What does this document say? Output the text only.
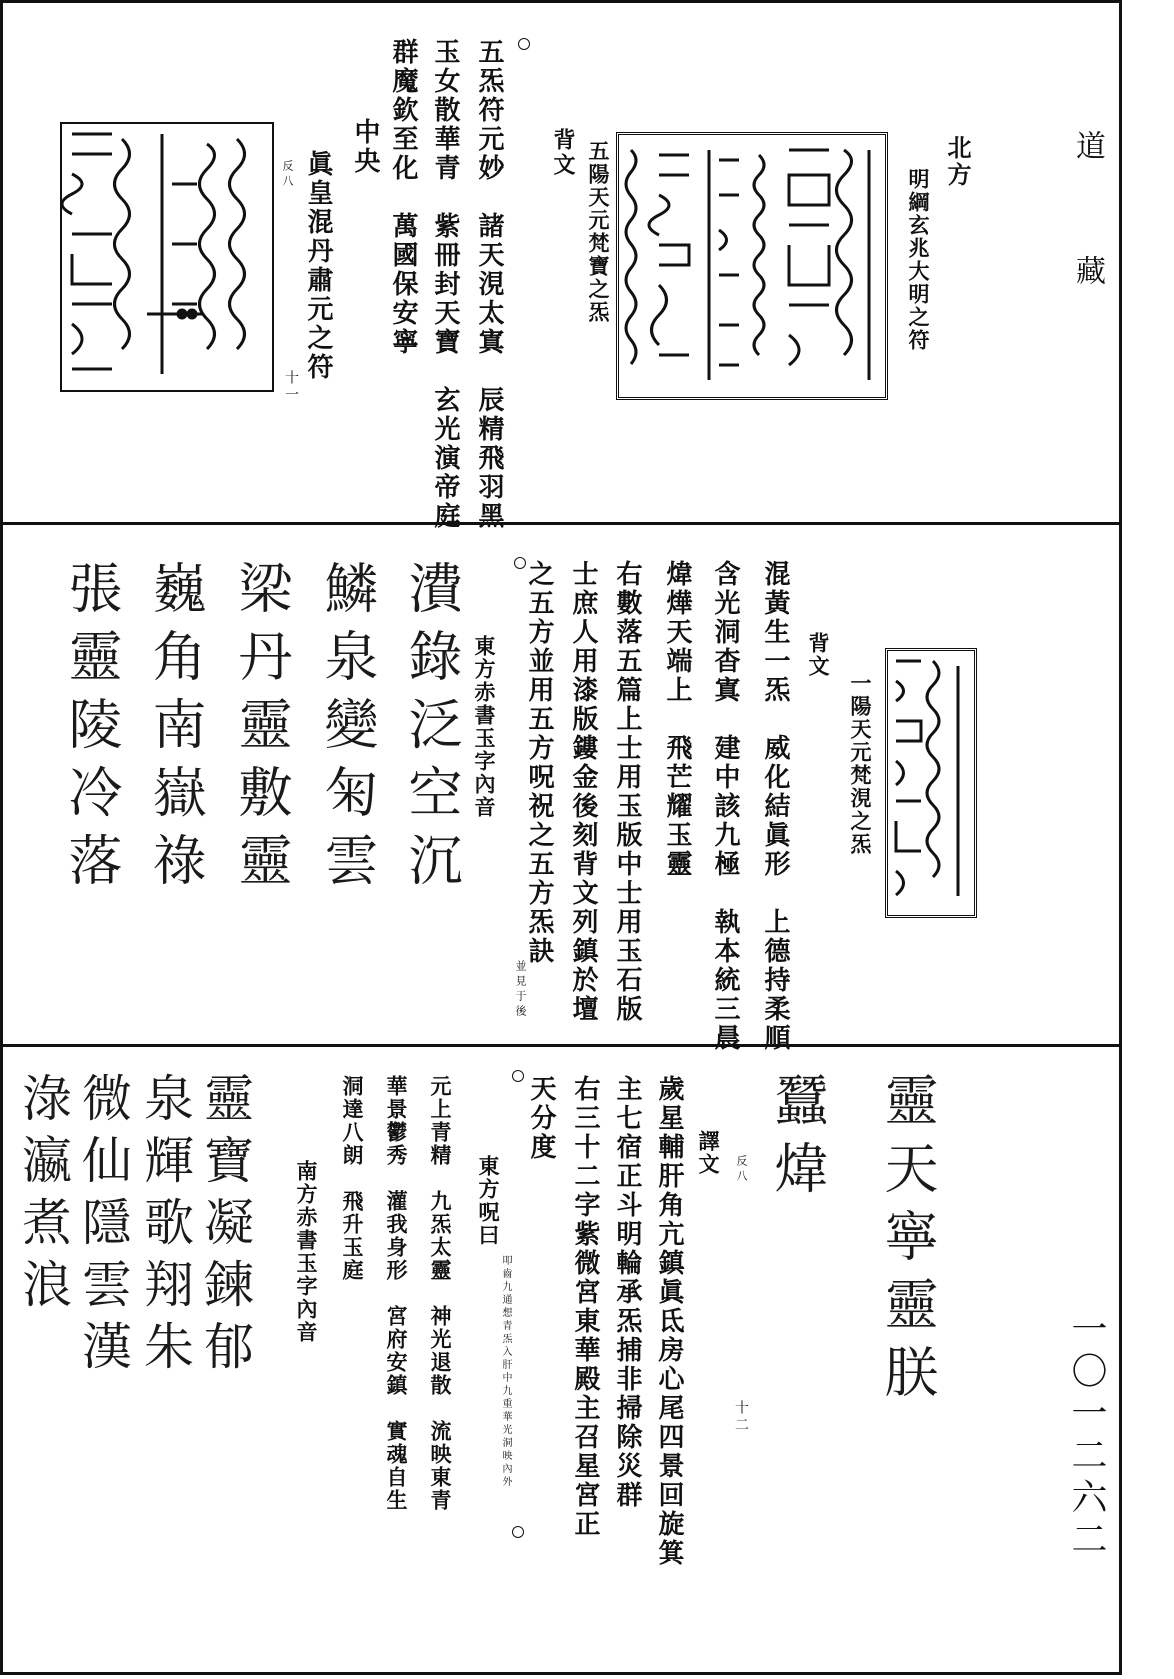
道
藏
一〇一二六二
北方
明綱玄兆大明之符
背文 五陽天元梵寶之炁
五炁符元妙　諸天涀太寘　辰精飛羽黑
玉女散華青　紫冊封天寶　玄光演帝庭
群魔欽至化　萬國保安寧
中央
眞皇混丹肅元之符
反八
十一
一陽天元梵涀之炁
背文
混黃生一炁　威化結眞形　上德持柔順
含光洞杳寘　建中該九極　執本統三晨
煒燁天端上　飛芒耀玉靈
右數落五篇上士用玉版中士用玉石版
士庶人用漆版鏤金後刻背文列鎮於壇
之五方並用五方呪祝之五方炁訣
並見于後
東方赤書玉字內音
㵒錄泛空沉
鱗泉變匊雲
梁丹靈敷靈
巍角南嶽祿
張靈陵冷落
靈天寧靈朕
蠶煒
譯文 反八
十二
歲星輔肝角亢鎮眞氐房心尾四景回旋箕
主七宿正斗明輪承炁捕非掃除災群
右三十二字紫微宮東華殿主召星宮正
天分度
東方呪曰
叩齒九通想青炁入肝中九重華光洞映內外
元上青精　九炁太靈　神光退散　流映東青
華景鬱秀　灌我身形　宮府安鎮　實魂自生
洞達八朗　飛升玉庭
南方赤書玉字內音
靈寶凝鍊郁
泉輝歌翔朱
微仙隱雲漢
淥瀛煮浪
